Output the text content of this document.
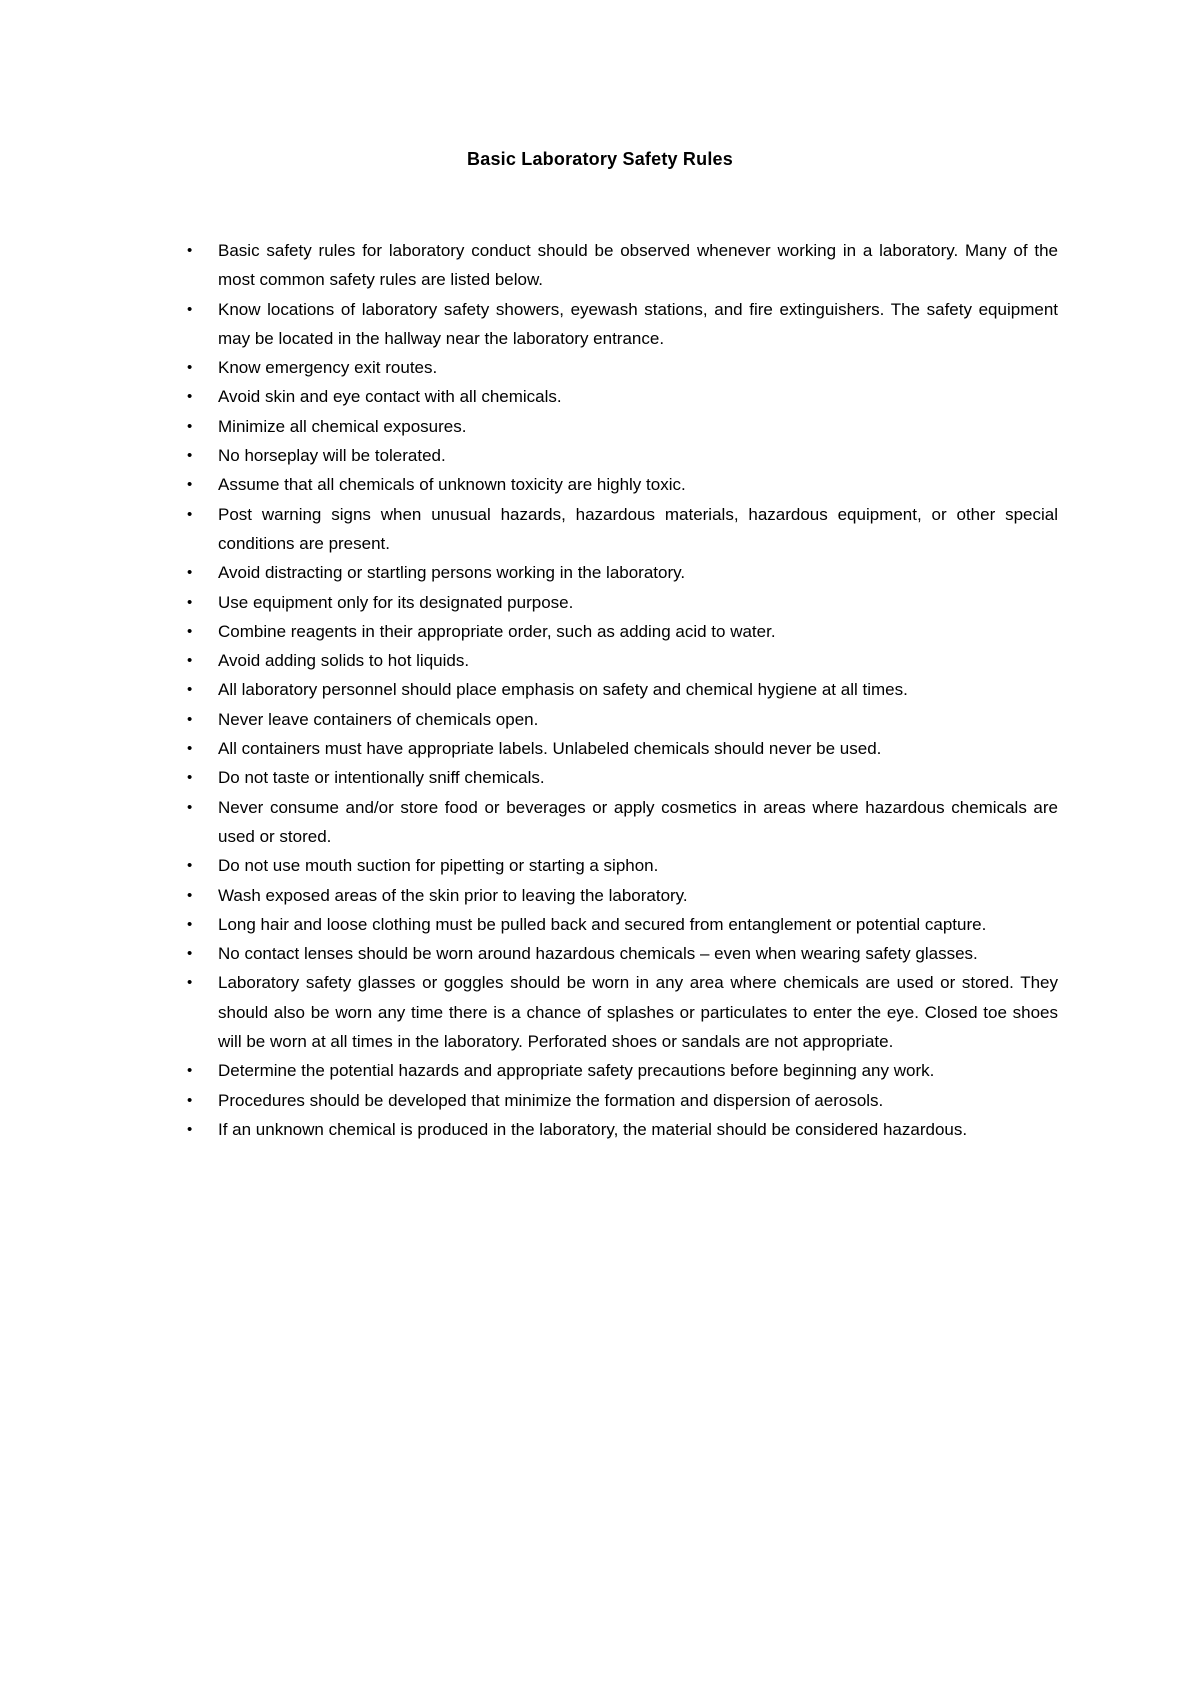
Basic Laboratory Safety Rules
•	Basic safety rules for laboratory conduct should be observed whenever working in a laboratory. Many of the most common safety rules are listed below.
•	Know locations of laboratory safety showers, eyewash stations, and fire extinguishers. The safety equipment may be located in the hallway near the laboratory entrance.
•	Know emergency exit routes.
•	Avoid skin and eye contact with all chemicals.
•	Minimize all chemical exposures.
•	No horseplay will be tolerated.
•	Assume that all chemicals of unknown toxicity are highly toxic.
•	Post warning signs when unusual hazards, hazardous materials, hazardous equipment, or other special conditions are present.
•	Avoid distracting or startling persons working in the laboratory.
•	Use equipment only for its designated purpose.
•	Combine reagents in their appropriate order, such as adding acid to water.
•	Avoid adding solids to hot liquids.
•	All laboratory personnel should place emphasis on safety and chemical hygiene at all times.
•	Never leave containers of chemicals open.
•	All containers must have appropriate labels. Unlabeled chemicals should never be used.
•	Do not taste or intentionally sniff chemicals.
•	Never consume and/or store food or beverages or apply cosmetics in areas where hazardous chemicals are used or stored.
•	Do not use mouth suction for pipetting or starting a siphon.
•	Wash exposed areas of the skin prior to leaving the laboratory.
•	Long hair and loose clothing must be pulled back and secured from entanglement or potential capture.
•	No contact lenses should be worn around hazardous chemicals – even when wearing safety glasses.
•	Laboratory safety glasses or goggles should be worn in any area where chemicals are used or stored. They should also be worn any time there is a chance of splashes or particulates to enter the eye. Closed toe shoes will be worn at all times in the laboratory. Perforated shoes or sandals are not appropriate.
•	Determine the potential hazards and appropriate safety precautions before beginning any work.
•	Procedures should be developed that minimize the formation and dispersion of aerosols.
•	If an unknown chemical is produced in the laboratory, the material should be considered hazardous.
